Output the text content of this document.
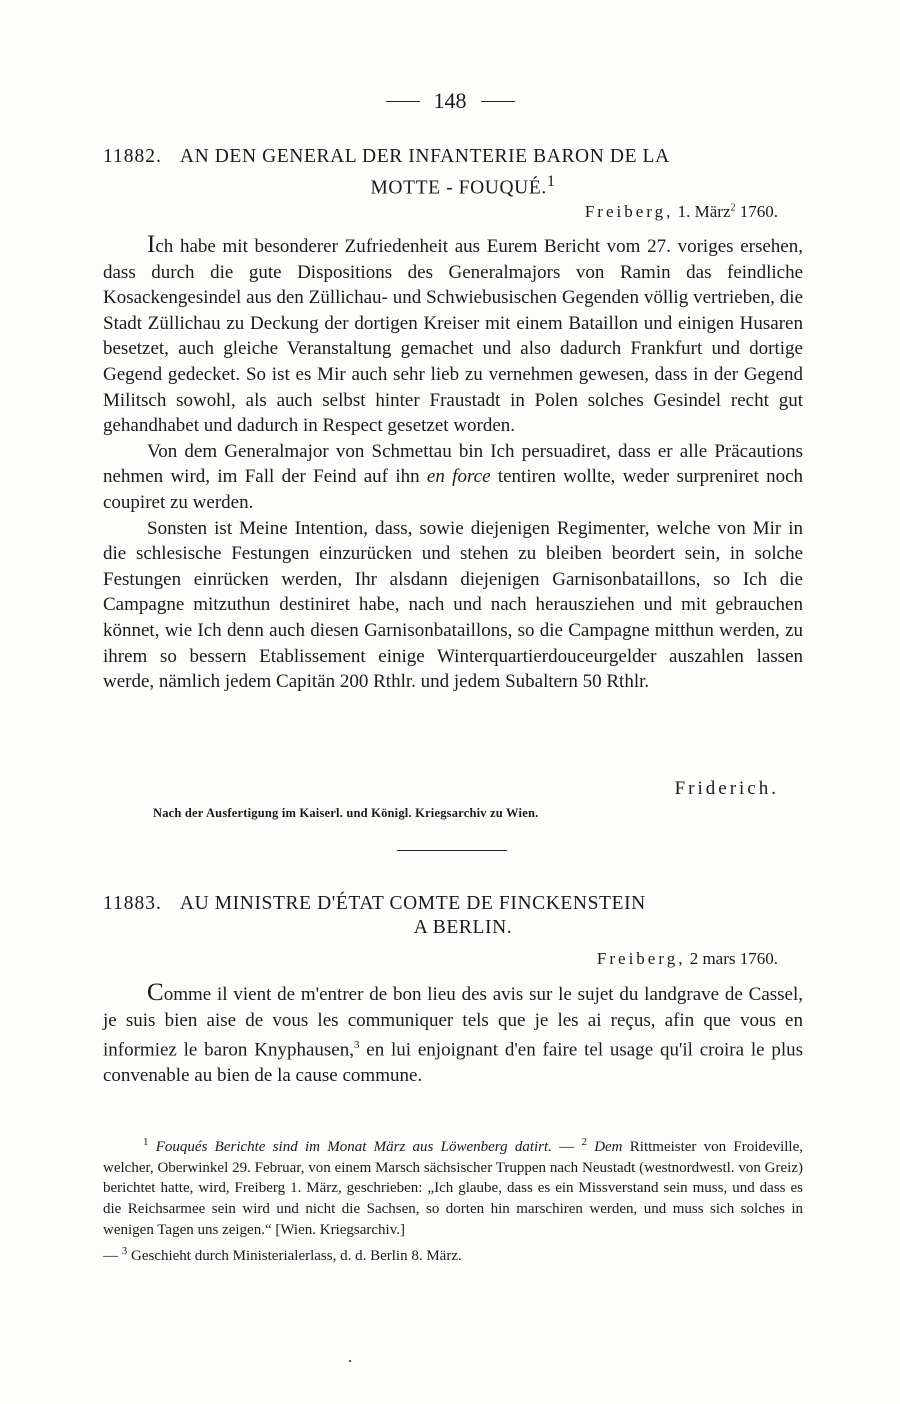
148
11882. AN DEN GENERAL DER INFANTERIE BARON DE LA
MOTTE - FOUQUÉ.$^1$
Freiberg, 1. März$^2$ 1760.

Ich habe mit besonderer Zufriedenheit aus Eurem Bericht vom 27. voriges ersehen, dass durch die gute Dispositions des Generalmajors von Ramin das feindliche Kosackengesindel aus den Züllichau- und Schwiebusischen Gegenden völlig vertrieben, die Stadt Züllichau zu Deckung der dortigen Kreiser mit einem Bataillon und einigen Husaren besetzet, auch gleiche Veranstaltung gemachet und also dadurch Frankfurt und dortige Gegend gedecket. So ist es Mir auch sehr lieb zu vernehmen gewesen, dass in der Gegend Militsch sowohl, als auch selbst hinter Fraustadt in Polen solches Gesindel recht gut gehandhabet und dadurch in Respect gesetzet worden.

Von dem Generalmajor von Schmettau bin Ich persuadiret, dass er alle Präcautions nehmen wird, im Fall der Feind auf ihn en force tentiren wollte, weder surpreniret noch coupiret zu werden.

Sonsten ist Meine Intention, dass, sowie diejenigen Regimenter, welche von Mir in die schlesische Festungen einzurücken und stehen zu bleiben beordert sein, in solche Festungen einrücken werden, Ihr alsdann diejenigen Garnisonbataillons, so Ich die Campagne mitzuthun destiniret habe, nach und nach herausziehen und mit gebrauchen könnet, wie Ich denn auch diesen Garnisonbataillons, so die Campagne mitthun werden, zu ihrem so bessern Etablissement einige Winterquartierdouceurgelder auszahlen lassen werde, nämlich jedem Capitän 200 Rthlr. und jedem Subaltern 50 Rthlr.

Friderich.
Nach der Ausfertigung im Kaiserl. und Königl. Kriegsarchiv zu Wien.
11883. AU MINISTRE D'ÉTAT COMTE DE FINCKENSTEIN
A BERLIN.
Freiberg, 2 mars 1760.

Comme il vient de m'entrer de bon lieu des avis sur le sujet du landgrave de Cassel, je suis bien aise de vous les communiquer tels que je les ai reçus, afin que vous en informiez le baron Knyphausen,$^3$ en lui enjoignant d'en faire tel usage qu'il croira le plus convenable au bien de la cause commune.

$^1$ Fouqués Berichte sind im Monat März aus Löwenberg datirt. — $^2$ Dem Rittmeister von Froideville, welcher, Oberwinkel 29. Februar, von einem Marsch sächsischer Truppen nach Neustadt (westnordwestl. von Greiz) berichtet hatte, wird, Freiberg 1. März, geschrieben: „Ich glaube, dass es ein Missverstand sein muss, und dass es die Reichsarmee sein wird und nicht die Sachsen, so dorten hin marschiren werden, und muss sich solches in wenigen Tagen uns zeigen.“ [Wien. Kriegsarchiv.]

— $^3$ Geschieht durch Ministerialerlass, d. d. Berlin 8. März.
